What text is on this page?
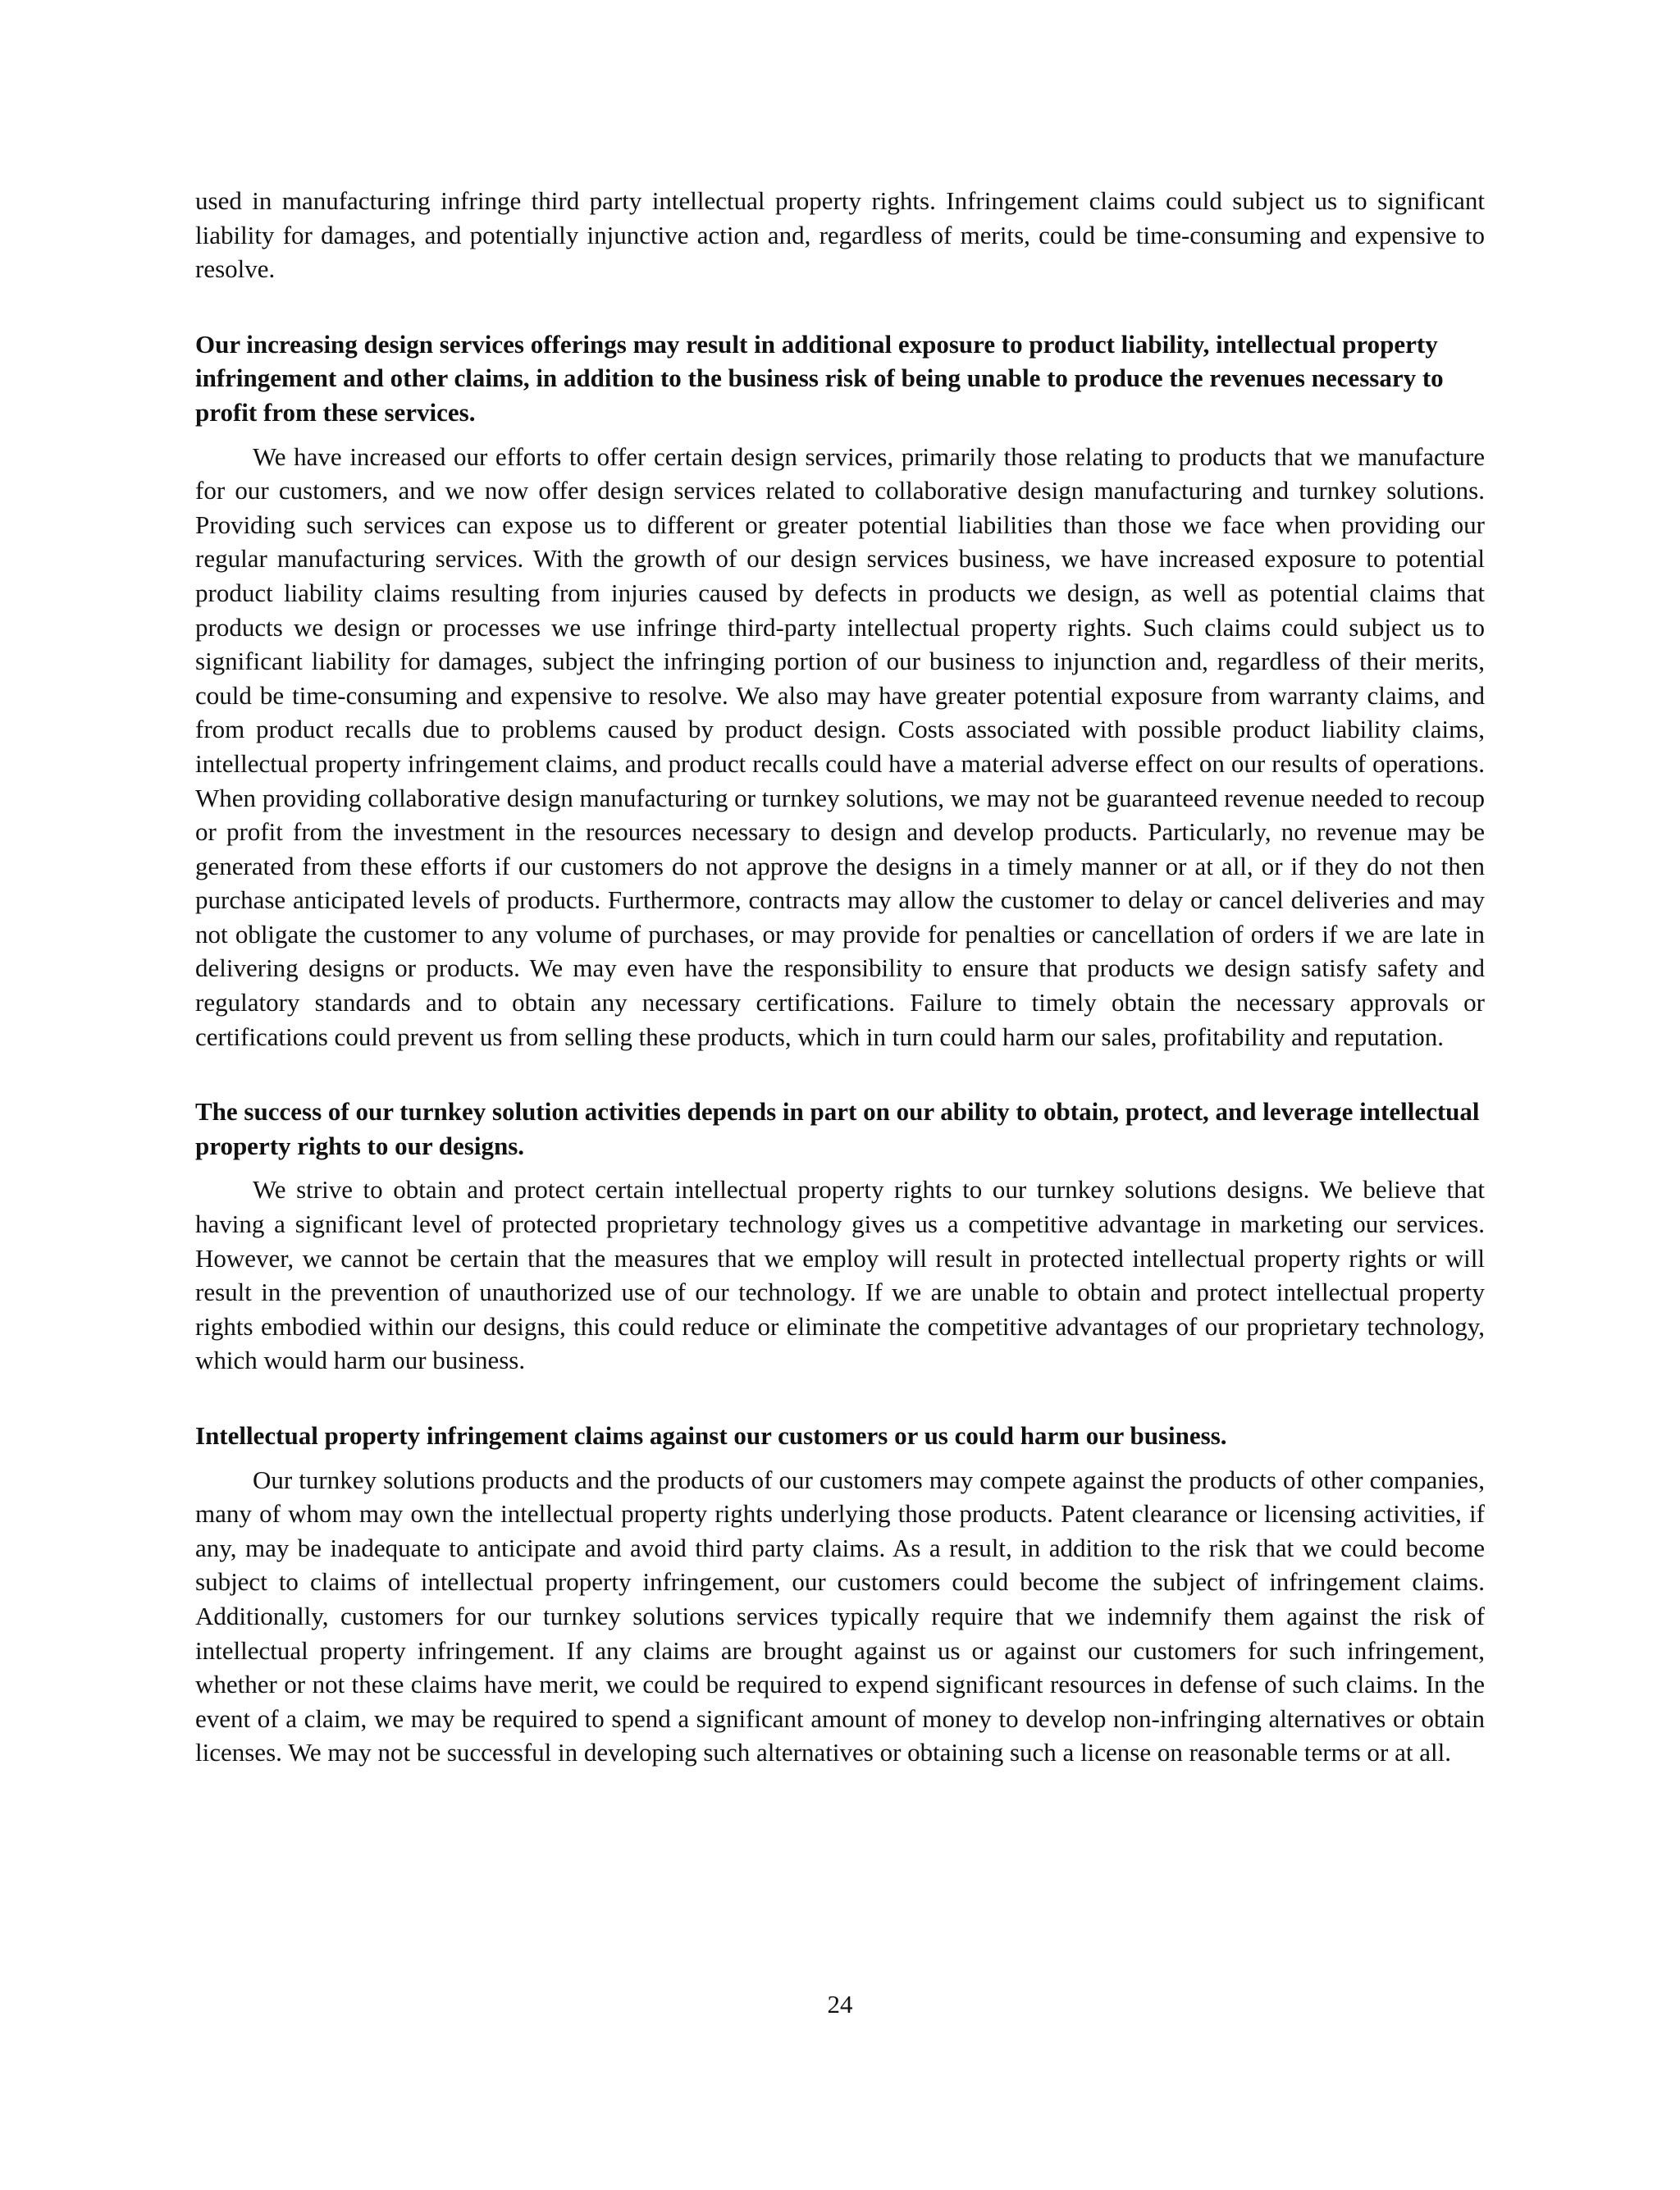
used in manufacturing infringe third party intellectual property rights. Infringement claims could subject us to significant liability for damages, and potentially injunctive action and, regardless of merits, could be time-consuming and expensive to resolve.

Our increasing design services offerings may result in additional exposure to product liability, intellectual property infringement and other claims, in addition to the business risk of being unable to produce the revenues necessary to profit from these services.

We have increased our efforts to offer certain design services, primarily those relating to products that we manufacture for our customers, and we now offer design services related to collaborative design manufacturing and turnkey solutions. Providing such services can expose us to different or greater potential liabilities than those we face when providing our regular manufacturing services. With the growth of our design services business, we have increased exposure to potential product liability claims resulting from injuries caused by defects in products we design, as well as potential claims that products we design or processes we use infringe third-party intellectual property rights. Such claims could subject us to significant liability for damages, subject the infringing portion of our business to injunction and, regardless of their merits, could be time-consuming and expensive to resolve. We also may have greater potential exposure from warranty claims, and from product recalls due to problems caused by product design. Costs associated with possible product liability claims, intellectual property infringement claims, and product recalls could have a material adverse effect on our results of operations. When providing collaborative design manufacturing or turnkey solutions, we may not be guaranteed revenue needed to recoup or profit from the investment in the resources necessary to design and develop products. Particularly, no revenue may be generated from these efforts if our customers do not approve the designs in a timely manner or at all, or if they do not then purchase anticipated levels of products. Furthermore, contracts may allow the customer to delay or cancel deliveries and may not obligate the customer to any volume of purchases, or may provide for penalties or cancellation of orders if we are late in delivering designs or products. We may even have the responsibility to ensure that products we design satisfy safety and regulatory standards and to obtain any necessary certifications. Failure to timely obtain the necessary approvals or certifications could prevent us from selling these products, which in turn could harm our sales, profitability and reputation.

The success of our turnkey solution activities depends in part on our ability to obtain, protect, and leverage intellectual property rights to our designs.

We strive to obtain and protect certain intellectual property rights to our turnkey solutions designs. We believe that having a significant level of protected proprietary technology gives us a competitive advantage in marketing our services. However, we cannot be certain that the measures that we employ will result in protected intellectual property rights or will result in the prevention of unauthorized use of our technology. If we are unable to obtain and protect intellectual property rights embodied within our designs, this could reduce or eliminate the competitive advantages of our proprietary technology, which would harm our business.

Intellectual property infringement claims against our customers or us could harm our business.

Our turnkey solutions products and the products of our customers may compete against the products of other companies, many of whom may own the intellectual property rights underlying those products. Patent clearance or licensing activities, if any, may be inadequate to anticipate and avoid third party claims. As a result, in addition to the risk that we could become subject to claims of intellectual property infringement, our customers could become the subject of infringement claims. Additionally, customers for our turnkey solutions services typically require that we indemnify them against the risk of intellectual property infringement. If any claims are brought against us or against our customers for such infringement, whether or not these claims have merit, we could be required to expend significant resources in defense of such claims. In the event of a claim, we may be required to spend a significant amount of money to develop non-infringing alternatives or obtain licenses. We may not be successful in developing such alternatives or obtaining such a license on reasonable terms or at all.

24
